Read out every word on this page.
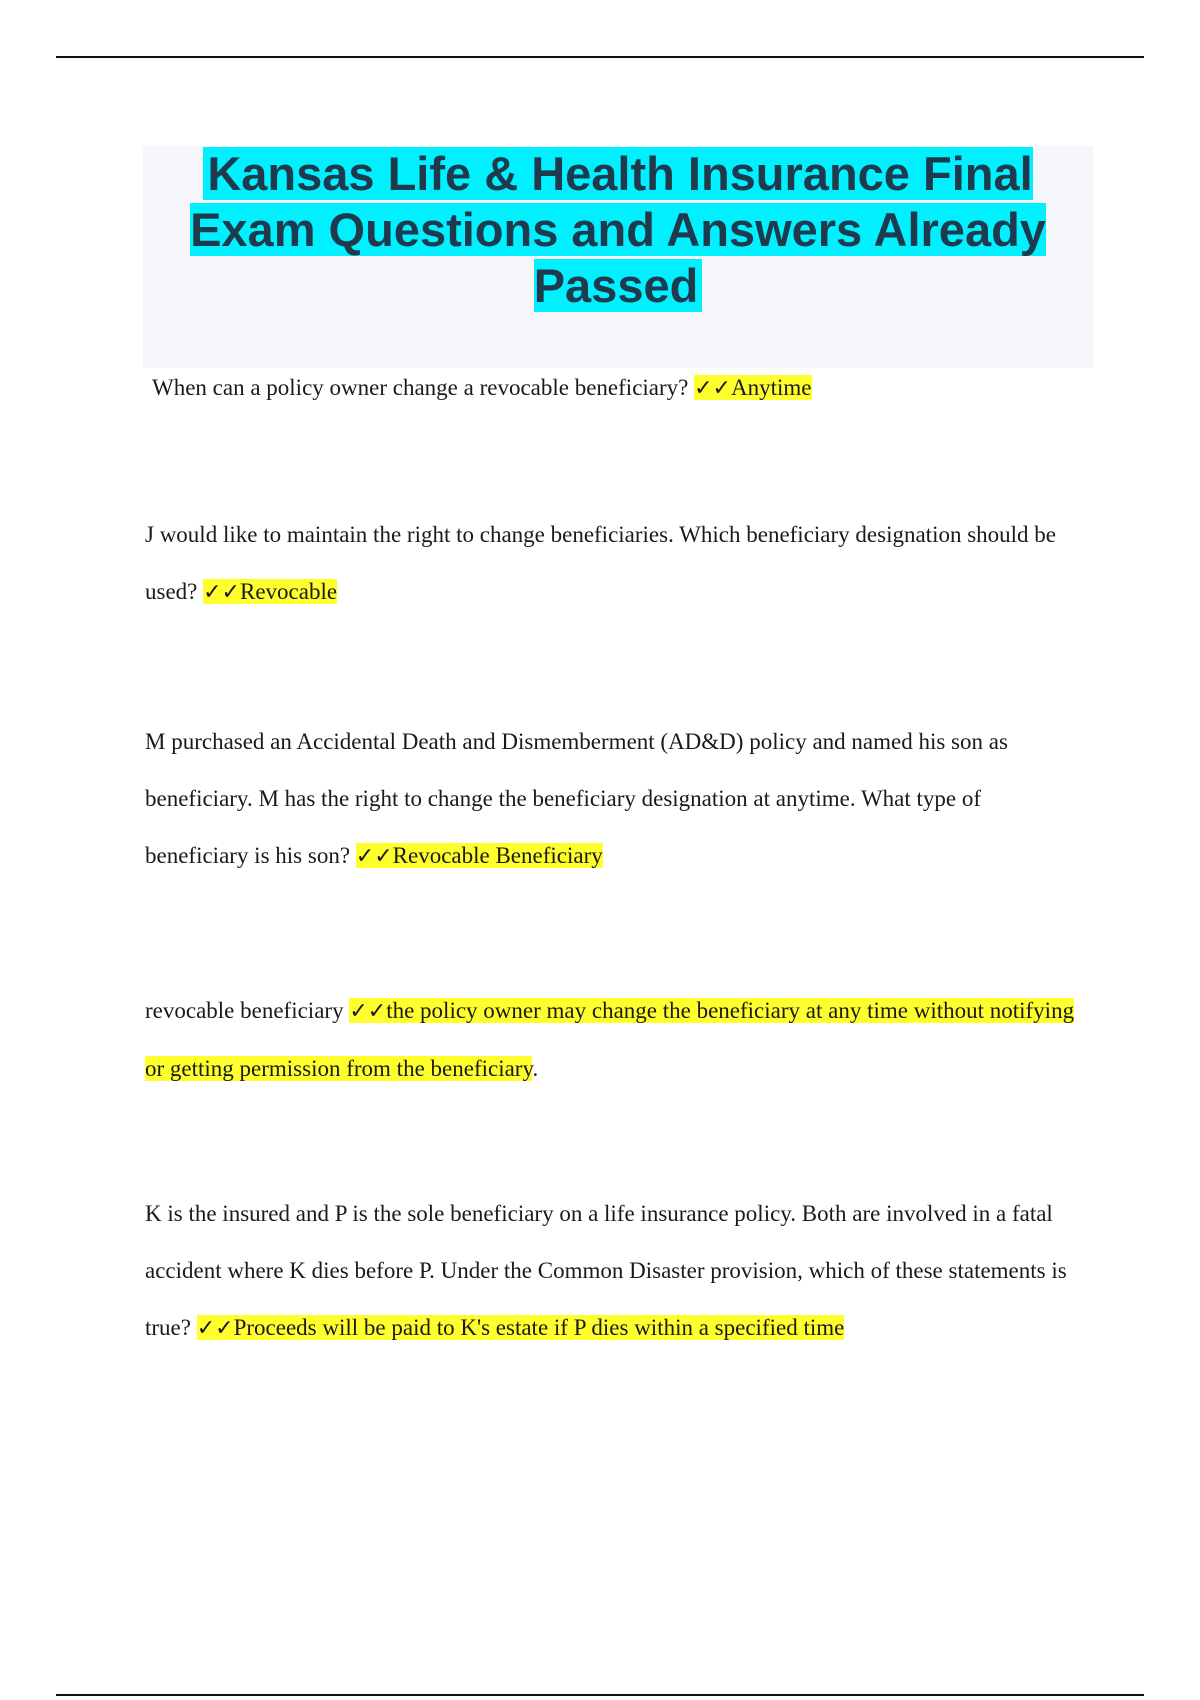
Kansas Life & Health Insurance Final Exam Questions and Answers Already Passed

When can a policy owner change a revocable beneficiary? ✓✓Anytime

J would like to maintain the right to change beneficiaries. Which beneficiary designation should be used? ✓✓Revocable

M purchased an Accidental Death and Dismemberment (AD&D) policy and named his son as beneficiary. M has the right to change the beneficiary designation at anytime. What type of beneficiary is his son? ✓✓Revocable Beneficiary

revocable beneficiary ✓✓the policy owner may change the beneficiary at any time without notifying or getting permission from the beneficiary.

K is the insured and P is the sole beneficiary on a life insurance policy. Both are involved in a fatal accident where K dies before P. Under the Common Disaster provision, which of these statements is true? ✓✓Proceeds will be paid to K's estate if P dies within a specified time
